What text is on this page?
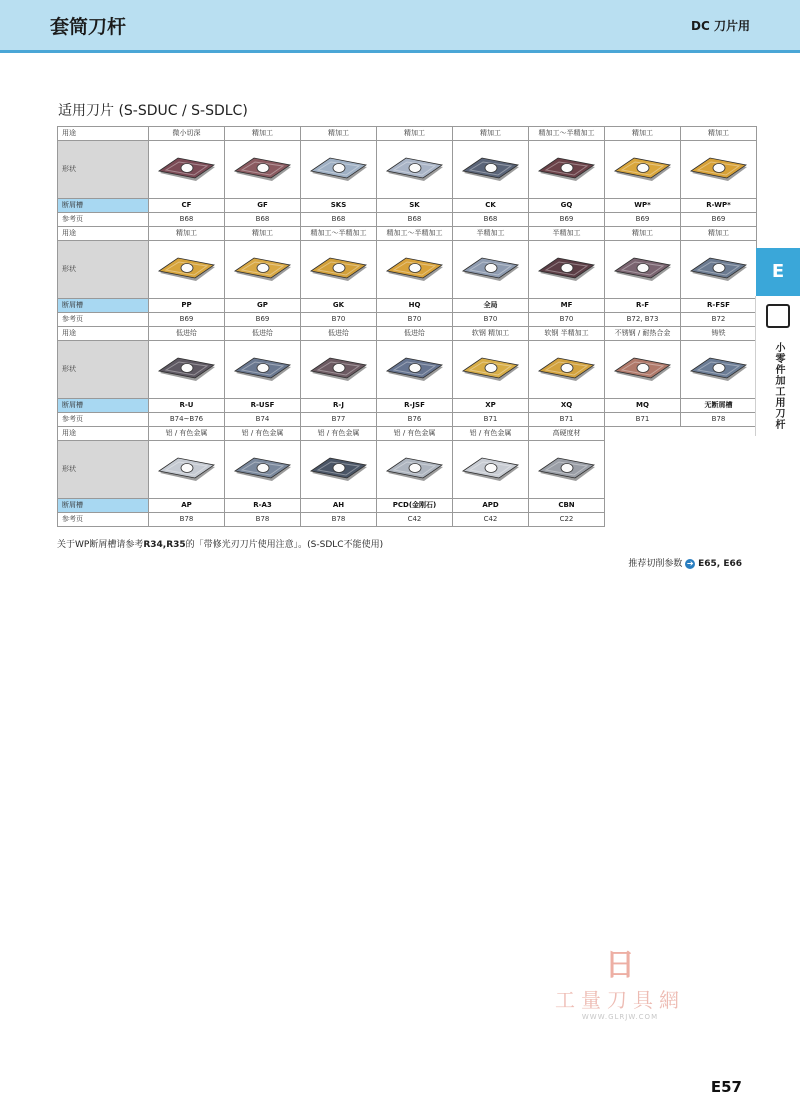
套筒刀杆	DC 刀片用
适用刀片 (S-SDUC / S-SDLC)
用途	微小切深	精加工	精加工	精加工	精加工	精加工～半精加工	精加工	精加工
形状	

断屑槽	CF	GF	SKS	SK	CK	GQ	WP*	R-WP*
参考页	B68	B68	B68	B68	B68	B69	B69	B69
用途	精加工	精加工	精加工～半精加工	精加工～半精加工	半精加工	半精加工	精加工	精加工
形状	

断屑槽	PP	GP	GK	HQ	全局	MF	R-F	R-FSF
参考页	B69	B69	B70	B70	B70	B70	B72, B73	B72
用途	低进给	低进给	低进给	低进给	软钢 精加工	软钢 半精加工	不锈钢 / 耐热合金	铸铁
形状	

断屑槽	R-U	R-USF	R-J	R-JSF	XP	XQ	MQ	无断屑槽
参考页	B74~B76	B74	B77	B76	B71	B71	B71	B78
用途	铝 / 有色金属	铝 / 有色金属	铝 / 有色金属	铝 / 有色金属	铝 / 有色金属	高硬度材		
形状	

断屑槽	AP	R-A3	AH	PCD(金刚石)	APD	CBN		
参考页	B78	B78	B78	C42	C42	C22		
关于WP断屑槽请参考R34,R35的「带修光刃刀片使用注意」。(S-SDLC不能使用)
推荐切削参数 ➔ E65, E66
E
小零件加工用刀杆
日
工量刀具網
WWW.GLRJW.COM
E57
